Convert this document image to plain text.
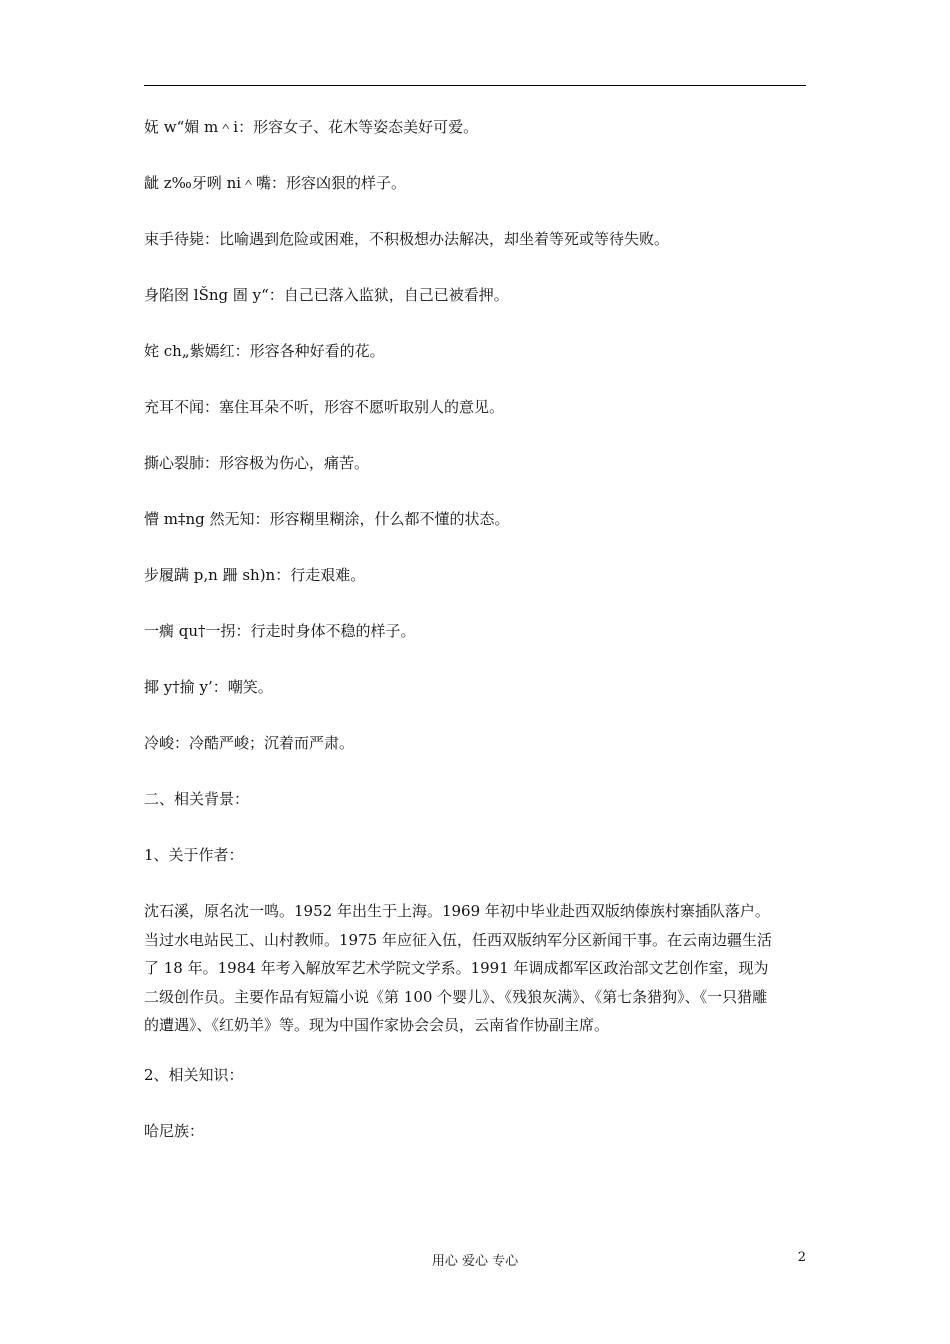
妩 w“媚 m＾i：形容女子、花木等姿态美好可爱。

龇 z‰牙咧 ni＾嘴：形容凶狠的样子。

束手待毙：比喻遇到危险或困难，不积极想办法解决，却坐着等死或等待失败。

身陷囹 lŠng 圄 y“：自己已落入监狱，自己已被看押。

姹 ch„紫嫣红：形容各种好看的花。

充耳不闻：塞住耳朵不听，形容不愿听取别人的意见。

撕心裂肺：形容极为伤心，痛苦。

懵 m‡ng 然无知：形容糊里糊涂，什么都不懂的状态。

步履蹒 p‚n 跚 sh)n：行走艰难。

一瘸 qu†一拐：行走时身体不稳的样子。

揶 y†揄 y’：嘲笑。

冷峻：冷酷严峻；沉着而严肃。

二、相关背景：

1、关于作者：

沈石溪，原名沈一鸣。1952 年出生于上海。1969 年初中毕业赴西双版纳傣族村寨插队落户。
当过水电站民工、山村教师。1975 年应征入伍，任西双版纳军分区新闻干事。在云南边疆生活
了 18 年。1984 年考入解放军艺术学院文学系。1991 年调成都军区政治部文艺创作室，现为
二级创作员。主要作品有短篇小说《第 100 个婴儿》、《残狼灰满》、《第七条猎狗》、《一只猎雕
的遭遇》、《红奶羊》等。现为中国作家协会会员，云南省作协副主席。

2、相关知识：

哈尼族：

用心 爱心 专心	2
